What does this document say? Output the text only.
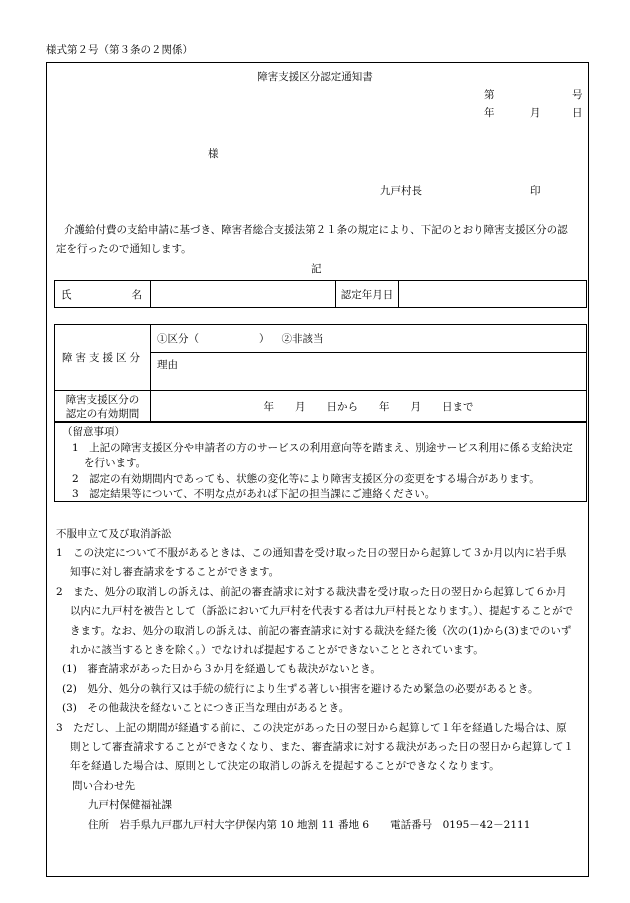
様式第２号（第３条の２関係）
障害支援区分認定通知書
第	号
年	月	日
様
九戸村長	印
介護給付費の支給申請に基づき、障害者総合支援法第２１条の規定により、下記のとおり障害支援区分の認
定を行ったので通知します。
記
氏	名		認定年月日	
障害支援区分	①区分（ ） ②非該当
	理由

障害支援区分の
認定の有効期間	年　　月　　日から　　年　　月　　日まで
（留意事項）
1　上記の障害支援区分や申請者の方のサービスの利用意向等を踏まえ、別途サービス利用に係る支給決定
を行います。
2　認定の有効期間内であっても、状態の変化等により障害支援区分の変更をする場合があります。
3　認定結果等について、不明な点があれば下記の担当課にご連絡ください。
不服申立て及び取消訴訟
1　この決定について不服があるときは、この通知書を受け取った日の翌日から起算して３か月以内に岩手県
知事に対し審査請求をすることができます。
2　また、処分の取消しの訴えは、前記の審査請求に対する裁決書を受け取った日の翌日から起算して６か月
以内に九戸村を被告として（訴訟において九戸村を代表する者は九戸村長となります。）、提起することがで
きます。なお、処分の取消しの訴えは、前記の審査請求に対する裁決を経た後（次の(1)から(3)までのいず
れかに該当するときを除く。）でなければ提起することができないこととされています。
(1)　審査請求があった日から３か月を経過しても裁決がないとき。
(2)　処分、処分の執行又は手続の続行により生ずる著しい損害を避けるため緊急の必要があるとき。
(3)　その他裁決を経ないことにつき正当な理由があるとき。
3　ただし、上記の期間が経過する前に、この決定があった日の翌日から起算して１年を経過した場合は、原
則として審査請求することができなくなり、また、審査請求に対する裁決があった日の翌日から起算して１
年を経過した場合は、原則として決定の取消しの訴えを提起することができなくなります。
問い合わせ先
九戸村保健福祉課
住所　岩手県九戸郡九戸村大字伊保内第 10 地割 11 番地 6　　電話番号　0195－42－2111
